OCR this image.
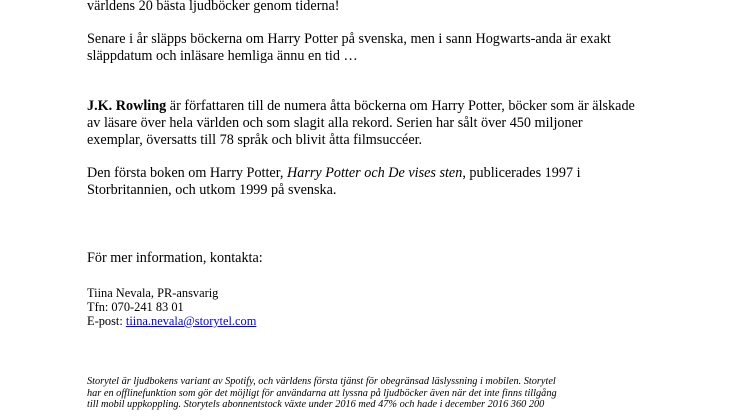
världens 20 bästa ljudböcker genom tiderna!

Senare i år släpps böckerna om Harry Potter på svenska, men i sann Hogwarts-anda är exakt

släppdatum och inläsare hemliga ännu en tid …

J.K. Rowling är författaren till de numera åtta böckerna om Harry Potter, böcker som är älskade

av läsare över hela världen och som slagit alla rekord. Serien har sålt över 450 miljoner

exemplar, översatts till 78 språk och blivit åtta filmsuccéer.

Den första boken om Harry Potter, Harry Potter och De vises sten, publicerades 1997 i

Storbritannien, och utkom 1999 på svenska.

För mer information, kontakta:

Tiina Nevala, PR-ansvarig

Tfn: 070-241 83 01

E-post: tiina.nevala@storytel.com

Storytel är ljudbokens variant av Spotify, och världens första tjänst för obegränsad läslyssning i mobilen. Storytel

har en offlinefunktion som gör det möjligt för användarna att lyssna på ljudböcker även när det inte finns tillgång

till mobil uppkoppling. Storytels abonnentstock växte under 2016 med 47% och hade i december 2016 360 200
